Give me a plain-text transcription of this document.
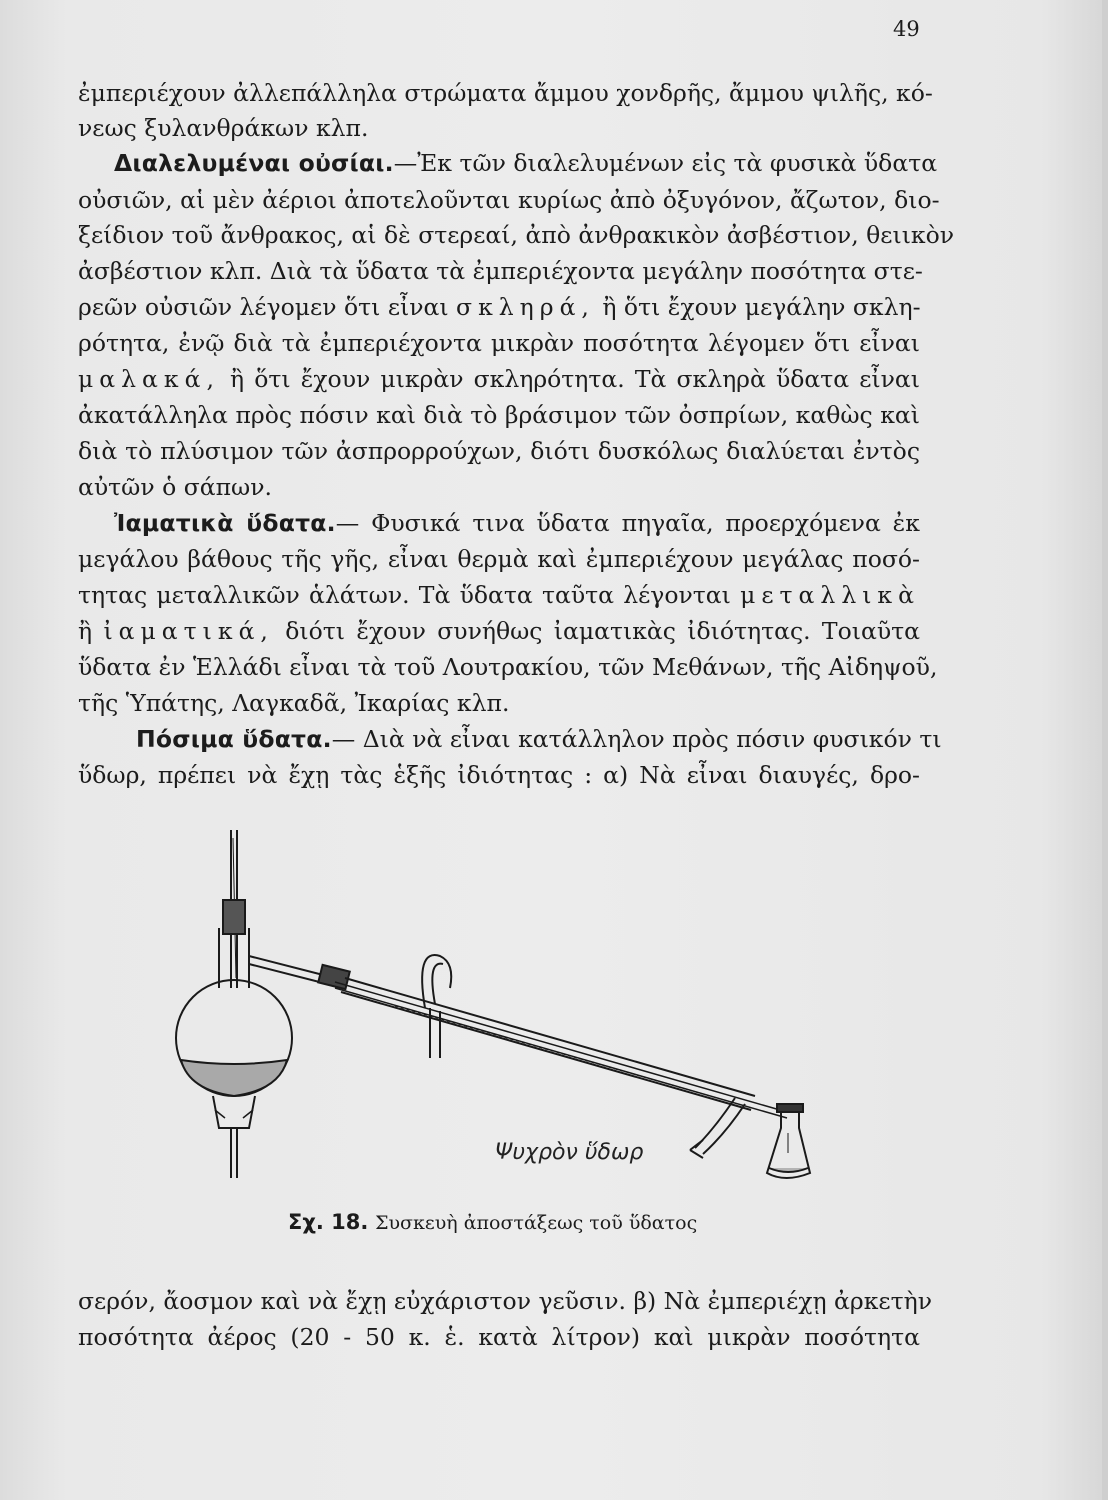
49
ἐμπεριέχουν ἀλλεπάλληλα στρώματα ἄμμου χονδρῆς, ἄμμου ψιλῆς, κό-
νεως ξυλανθράκων κλπ.
Διαλελυμέναι οὐσίαι.—Ἐκ τῶν διαλελυμένων εἰς τὰ φυσικὰ ὕδατα
οὐσιῶν, αἱ μὲν ἀέριοι ἀποτελοῦνται κυρίως ἀπὸ ὀξυγόνον, ἄζωτον, διο-
ξείδιον τοῦ ἄνθρακος, αἱ δὲ στερεαί, ἀπὸ ἀνθρακικὸν ἀσβέστιον, θειικὸν
ἀσβέστιον κλπ. Διὰ τὰ ὕδατα τὰ ἐμπεριέχοντα μεγάλην ποσότητα στε-
ρεῶν οὐσιῶν λέγομεν ὅτι εἶναι σκληρά, ἢ ὅτι ἔχουν μεγάλην σκλη-
ρότητα, ἐνῷ διὰ τὰ ἐμπεριέχοντα μικρὰν ποσότητα λέγομεν ὅτι εἶναι
μαλακά, ἢ ὅτι ἔχουν μικρὰν σκληρότητα. Τὰ σκληρὰ ὕδατα εἶναι
ἀκατάλληλα πρὸς πόσιν καὶ διὰ τὸ βράσιμον τῶν ὀσπρίων, καθὼς καὶ
διὰ τὸ πλύσιμον τῶν ἀσπρορρούχων, διότι δυσκόλως διαλύεται ἐντὸς
αὐτῶν ὁ σάπων.
Ἰαματικὰ ὕδατα.— Φυσικά τινα ὕδατα πηγαῖα, προερχόμενα ἐκ
μεγάλου βάθους τῆς γῆς, εἶναι θερμὰ καὶ ἐμπεριέχουν μεγάλας ποσό-
τητας μεταλλικῶν ἁλάτων. Τὰ ὕδατα ταῦτα λέγονται μεταλλικὰ
ἢ ἰαματικά, διότι ἔχουν συνήθως ἰαματικὰς ἰδιότητας. Τοιαῦτα
ὕδατα ἐν Ἑλλάδι εἶναι τὰ τοῦ Λουτρακίου, τῶν Μεθάνων, τῆς Αἰδηψοῦ,
τῆς Ὑπάτης, Λαγκαδᾶ, Ἰκαρίας κλπ.
Πόσιμα ὕδατα.— Διὰ νὰ εἶναι κατάλληλον πρὸς πόσιν φυσικόν τι
ὕδωρ, πρέπει νὰ ἔχῃ τὰς ἑξῆς ἰδιότητας : α) Νὰ εἶναι διαυγές, δρο-
Ψυχρὸν ὕδωρ
Σχ. 18. Συσκευὴ ἀποστάξεως τοῦ ὕδατος
σερόν, ἄοσμον καὶ νὰ ἔχῃ εὐχάριστον γεῦσιν. β) Νὰ ἐμπεριέχῃ ἀρκετὴν
ποσότητα ἀέρος (20 - 50 κ. ἑ. κατὰ λίτρον) καὶ μικρὰν ποσότητα
